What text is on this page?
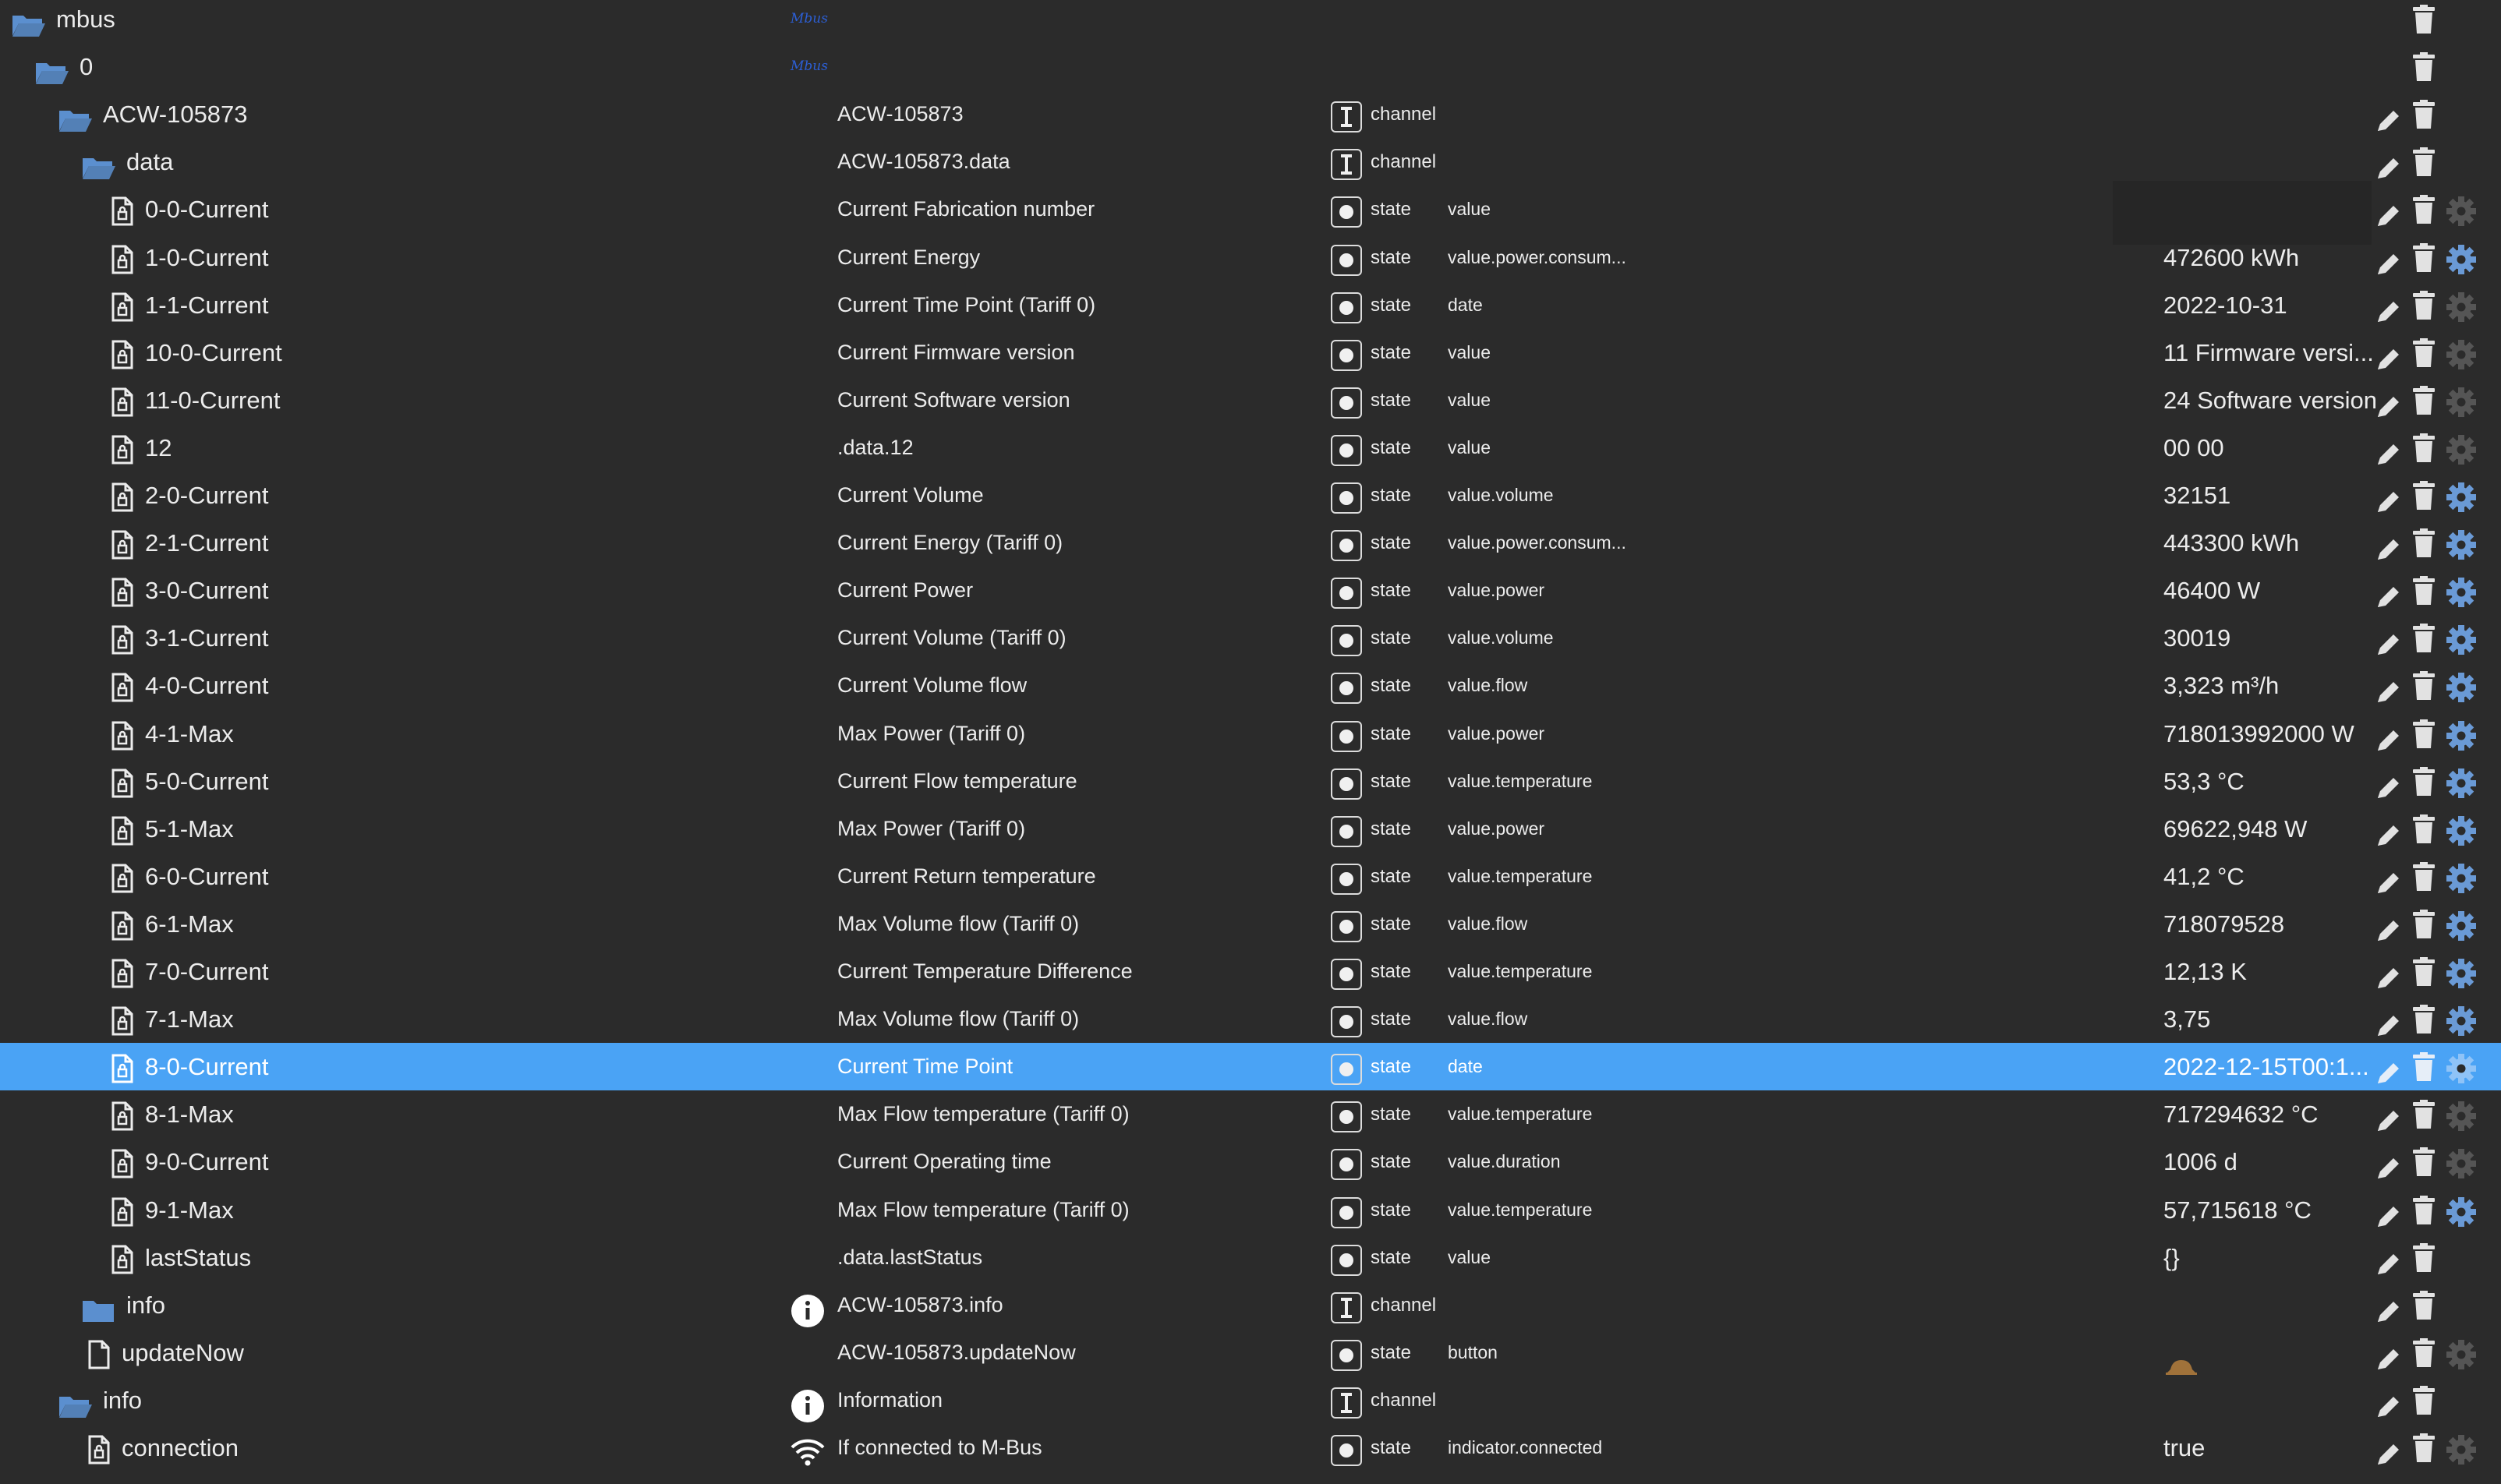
mbus	Mbus
0	Mbus
ACW-105873	ACW-105873	channel
data	ACW-105873.data	channel
0-0-Current	Current Fabrication number	state value
1-0-Current	Current Energy	state value.power.consum...	472600 kWh
1-1-Current	Current Time Point (Tariff 0)	state date	2022-10-31
10-0-Current	Current Firmware version	state value	11 Firmware versi...
11-0-Current	Current Software version	state value	24 Software version
12	.data.12	state value	00 00
2-0-Current	Current Volume	state value.volume	32151
2-1-Current	Current Energy (Tariff 0)	state value.power.consum...	443300 kWh
3-0-Current	Current Power	state value.power	46400 W
3-1-Current	Current Volume (Tariff 0)	state value.volume	30019
4-0-Current	Current Volume flow	state value.flow	3,323 m³/h
4-1-Max	Max Power (Tariff 0)	state value.power	718013992000 W
5-0-Current	Current Flow temperature	state value.temperature	53,3 °C
5-1-Max	Max Power (Tariff 0)	state value.power	69622,948 W
6-0-Current	Current Return temperature	state value.temperature	41,2 °C
6-1-Max	Max Volume flow (Tariff 0)	state value.flow	718079528
7-0-Current	Current Temperature Difference	state value.temperature	12,13 K
7-1-Max	Max Volume flow (Tariff 0)	state value.flow	3,75
8-0-Current	Current Time Point	state date	2022-12-15T00:1...
8-1-Max	Max Flow temperature (Tariff 0)	state value.temperature	717294632 °C
9-0-Current	Current Operating time	state value.duration	1006 d
9-1-Max	Max Flow temperature (Tariff 0)	state value.temperature	57,715618 °C
lastStatus	.data.lastStatus	state value	{}
info	ACW-105873.info	channel
updateNow	ACW-105873.updateNow	state button
info	Information	channel
connection	If connected to M-Bus	state indicator.connected	true
